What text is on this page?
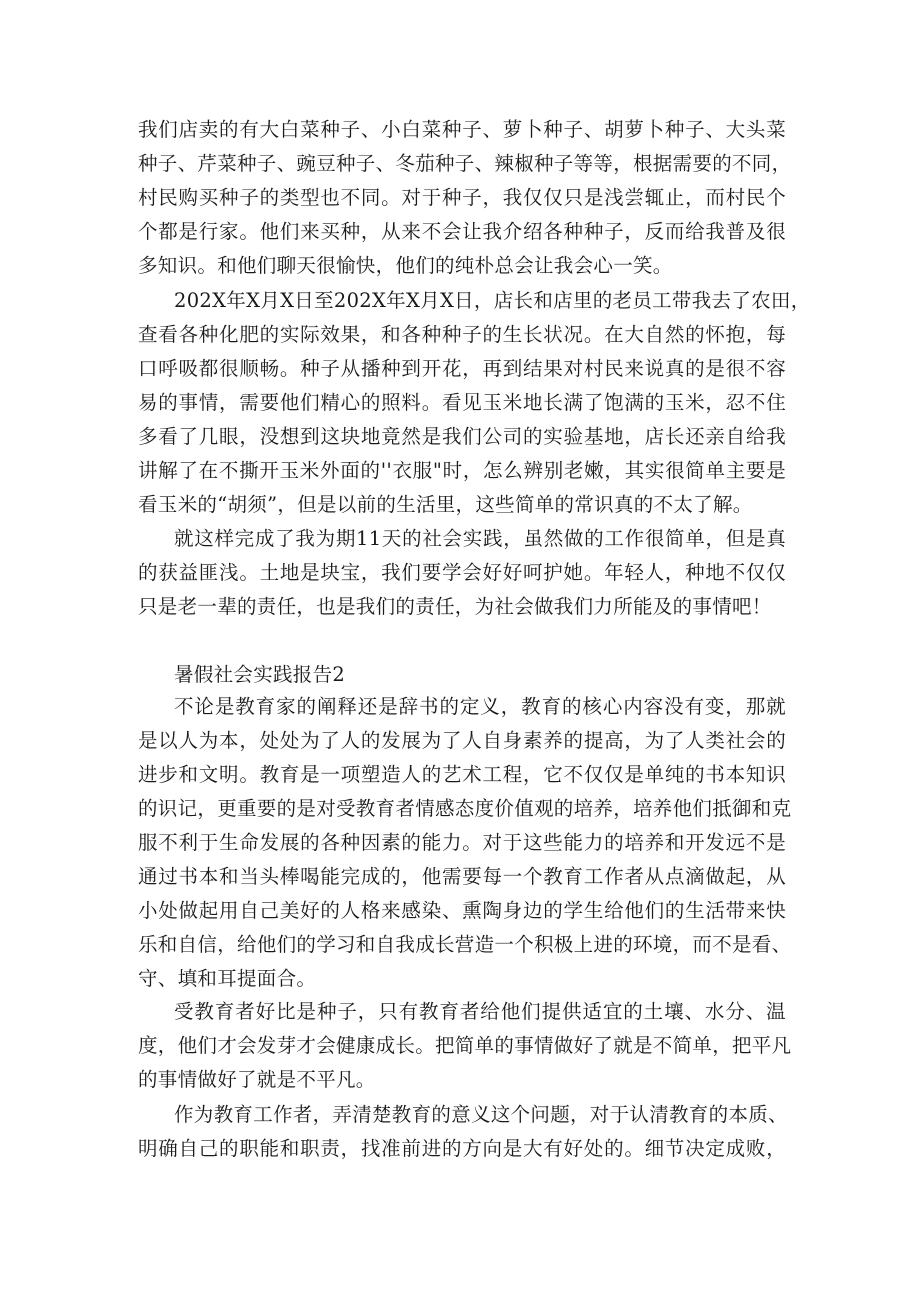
我们店卖的有大白菜种子、小白菜种子、萝卜种子、胡萝卜种子、大头菜
种子、芹菜种子、豌豆种子、冬茄种子、辣椒种子等等，根据需要的不同，
村民购买种子的类型也不同。对于种子，我仅仅只是浅尝辄止，而村民个
个都是行家。他们来买种，从来不会让我介绍各种种子，反而给我普及很
多知识。和他们聊天很愉快，他们的纯朴总会让我会心一笑。
202X年X月X日至202X年X月X日，店长和店里的老员工带我去了农田，
查看各种化肥的实际效果，和各种种子的生长状况。在大自然的怀抱，每
口呼吸都很顺畅。种子从播种到开花，再到结果对村民来说真的是很不容
易的事情，需要他们精心的照料。看见玉米地长满了饱满的玉米，忍不住
多看了几眼，没想到这块地竟然是我们公司的实验基地，店长还亲自给我
讲解了在不撕开玉米外面的''衣服"时，怎么辨别老嫩，其实很简单主要是
看玉米的“胡须”，但是以前的生活里，这些简单的常识真的不太了解。
就这样完成了我为期11天的社会实践，虽然做的工作很简单，但是真
的获益匪浅。土地是块宝，我们要学会好好呵护她。年轻人，种地不仅仅
只是老一辈的责任，也是我们的责任，为社会做我们力所能及的事情吧！
暑假社会实践报告2
不论是教育家的阐释还是辞书的定义，教育的核心内容没有变，那就
是以人为本，处处为了人的发展为了人自身素养的提高，为了人类社会的
进步和文明。教育是一项塑造人的艺术工程，它不仅仅是单纯的书本知识
的识记，更重要的是对受教育者情感态度价值观的培养，培养他们抵御和克
服不利于生命发展的各种因素的能力。对于这些能力的培养和开发远不是
通过书本和当头棒喝能完成的，他需要每一个教育工作者从点滴做起，从
小处做起用自己美好的人格来感染、熏陶身边的学生给他们的生活带来快
乐和自信，给他们的学习和自我成长营造一个积极上进的环境，而不是看、
守、填和耳提面合。
受教育者好比是种子，只有教育者给他们提供适宜的土壤、水分、温
度，他们才会发芽才会健康成长。把简单的事情做好了就是不简单，把平凡
的事情做好了就是不平凡。
作为教育工作者，弄清楚教育的意义这个问题，对于认清教育的本质、
明确自己的职能和职责，找准前进的方向是大有好处的。细节决定成败，
